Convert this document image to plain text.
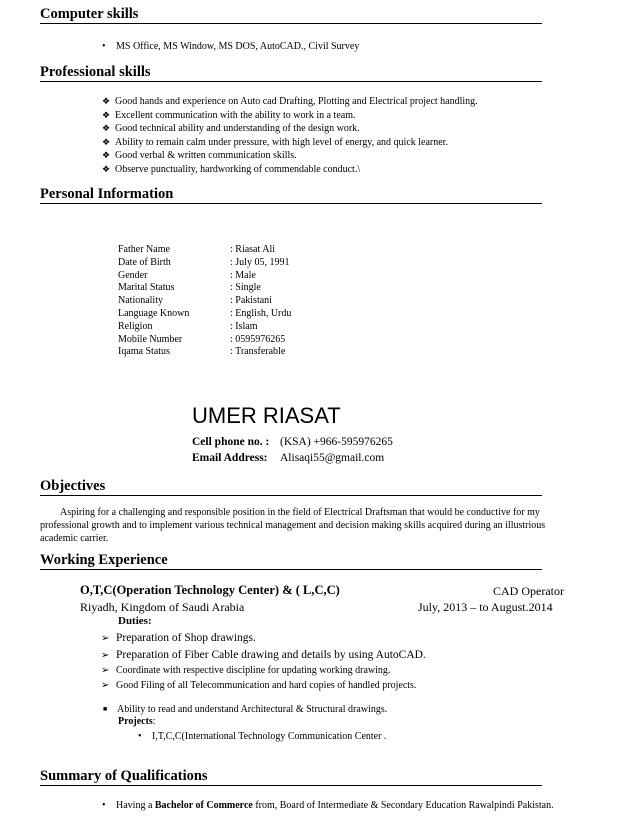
Computer skills
• MS Office, MS Window, MS DOS, AutoCAD., Civil Survey
Professional skills
❖ Good hands and experience on Auto cad Drafting, Plotting and Electrical project handling.
❖ Excellent communication with the ability to work in a team.
❖ Good technical ability and understanding of the design work.
❖ Ability to remain calm under pressure, with high level of energy, and quick learner.
❖ Good verbal & written communication skills.
❖ Observe punctuality, hardworking of commendable conduct.\
Personal Information
Father Name	: Riasat Ali
Date of Birth	: July 05, 1991
Gender	: Male
Marital Status	: Single
Nationality	: Pakistani
Language Known	: English, Urdu
Religion	: Islam
Mobile Number	: 0595976265
Iqama Status	: Transferable
UMER RIASAT
Cell phone no. : (KSA) +966-595976265
Email Address: Alisaqi55@gmail.com
Objectives
Aspiring for a challenging and responsible position in the field of Electrical Draftsman that would be conductive for my professional growth and to implement various technical management and decision making skills acquired during an illustrious academic carrier.
Working Experience
O,T,C(Operation Technology Center) & ( L,C,C)	CAD Operator
Riyadh, Kingdom of Saudi Arabia	July, 2013 – to August.2014
Duties:
➢ Preparation of Shop drawings.
➢ Preparation of Fiber Cable drawing and details by using AutoCAD.
➢ Coordinate with respective discipline for updating working drawing.
➢ Good Filing of all Telecommunication and hard copies of handled projects.
■ Ability to read and understand Architectural & Structural drawings.
Projects:
• I,T,C,C(International Technology Communication Center .
Summary of Qualifications
• Having a Bachelor of Commerce from, Board of Intermediate & Secondary Education Rawalpindi Pakistan.
